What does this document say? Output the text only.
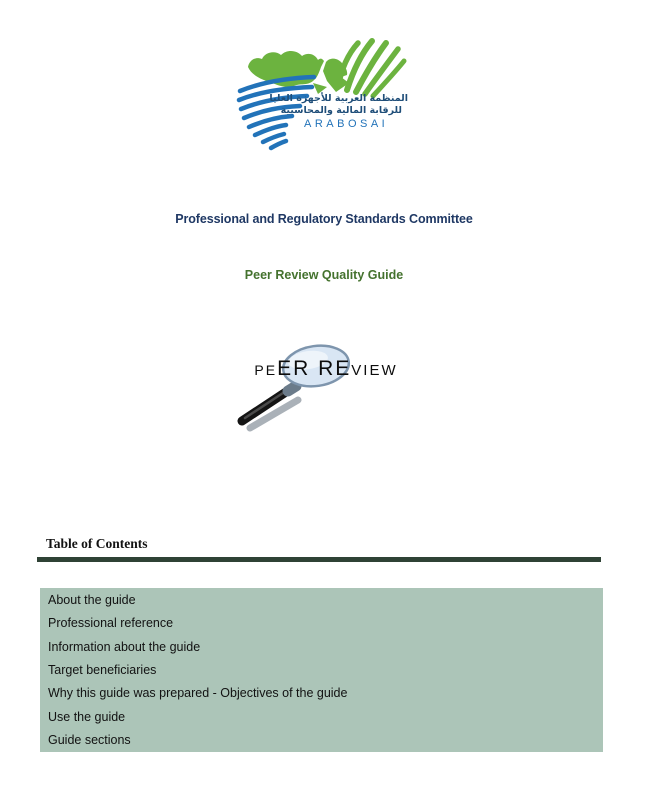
المنظمة العربية للأجهزة العليا
للرقابة المالية والمحاسبية
ARABOSAI
Professional and Regulatory Standards Committee
Peer Review Quality Guide
PE ER RE VIEW
Table of Contents
About the guide
Professional reference
Information about the guide
Target beneficiaries
Why this guide was prepared - Objectives of the guide
Use the guide
Guide sections
